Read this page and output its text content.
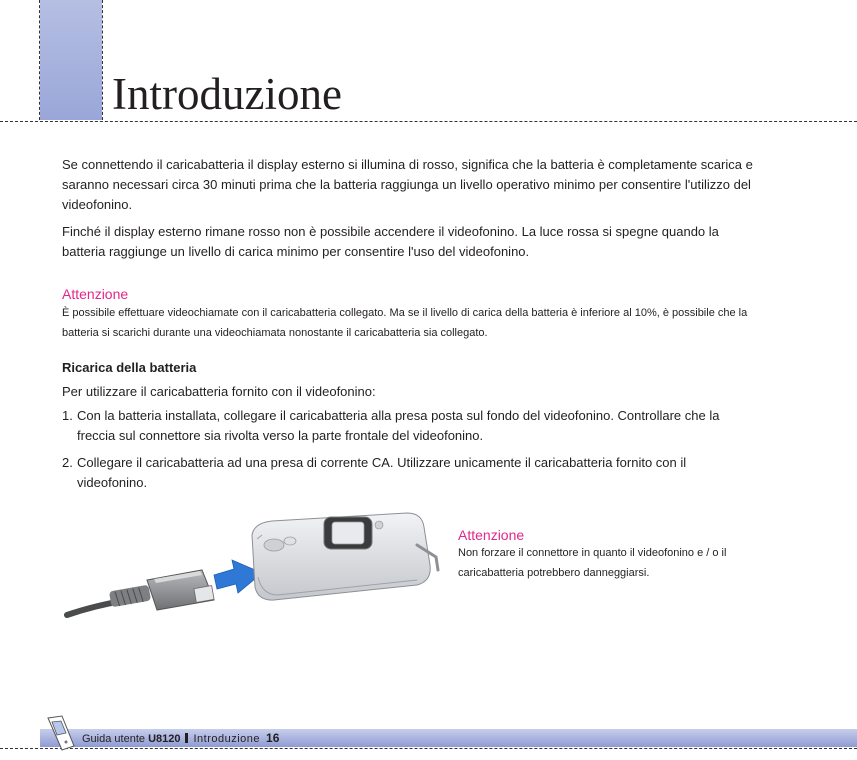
Introduzione

Se connettendo il caricabatteria il display esterno si illumina di rosso, significa che la batteria è completamente scarica e saranno necessari circa 30 minuti prima che la batteria raggiunga un livello operativo minimo per consentire l'utilizzo del videofonino.

Finché il display esterno rimane rosso non è possibile accendere il videofonino. La luce rossa si spegne quando la batteria raggiunge un livello di carica minimo per consentire l'uso del videofonino.

Attenzione

È possibile effettuare videochiamate con il caricabatteria collegato. Ma se il livello di carica della batteria è inferiore al 10%, è possibile che la batteria si scarichi durante una videochiamata nonostante il caricabatteria sia collegato.

Ricarica della batteria

Per utilizzare il caricabatteria fornito con il videofonino:

1. Con la batteria installata, collegare il caricabatteria alla presa posta sul fondo del videofonino. Controllare che la freccia sul connettore sia rivolta verso la parte frontale del videofonino.

2. Collegare il caricabatteria ad una presa di corrente CA. Utilizzare unicamente il caricabatteria fornito con il videofonino.

Attenzione

Non forzare il connettore in quanto il videofonino e / o il caricabatteria potrebbero danneggiarsi.

Guida utente U8120 Introduzione 16
